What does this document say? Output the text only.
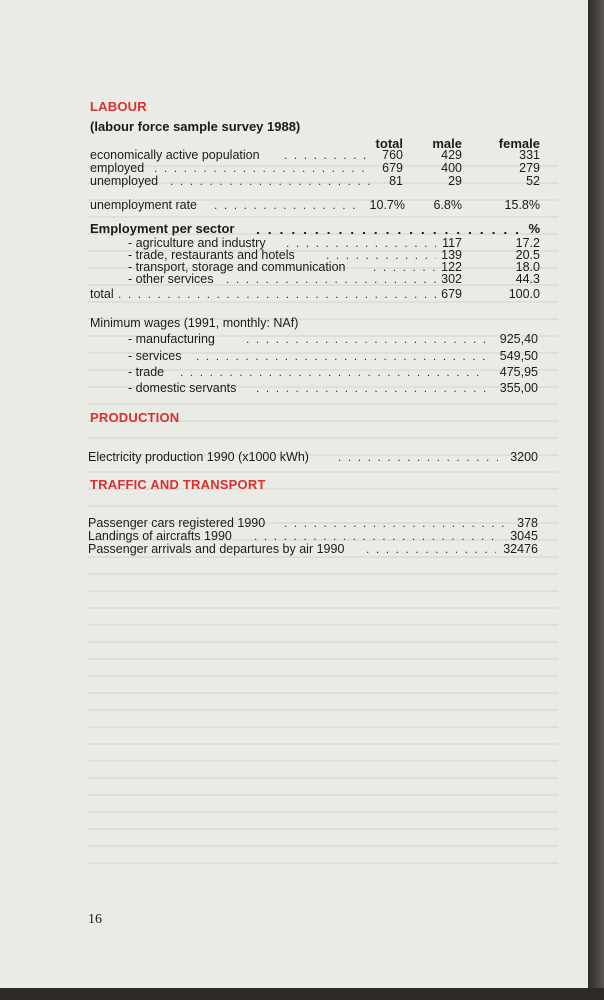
LABOUR
(labour force sample survey 1988)
total	male	female
economically active population . . .	760	429	331
employed . . .	679	400	279
unemployed . . .	81	29	52
unemployment rate . . .	10.7%	6.8%	15.8%
Employment per sector . . .	%
- agriculture and industry . . .	117	17.2
- trade, restaurants and hotels . . .	139	20.5
- transport, storage and communication . . .	122	18.0
- other services . . .	302	44.3
total . . .	679	100.0
Minimum wages (1991, monthly: NAf)
- manufacturing . . .	925,40
- services . . .	549,50
- trade . . .	475,95
- domestic servants . . .	355,00
PRODUCTION
Electricity production 1990 (x1000 kWh) . . .	3200
TRAFFIC AND TRANSPORT
Passenger cars registered 1990 . . .	378
Landings of aircrafts 1990 . . .	3045
Passenger arrivals and departures by air 1990 . . .	32476
16
